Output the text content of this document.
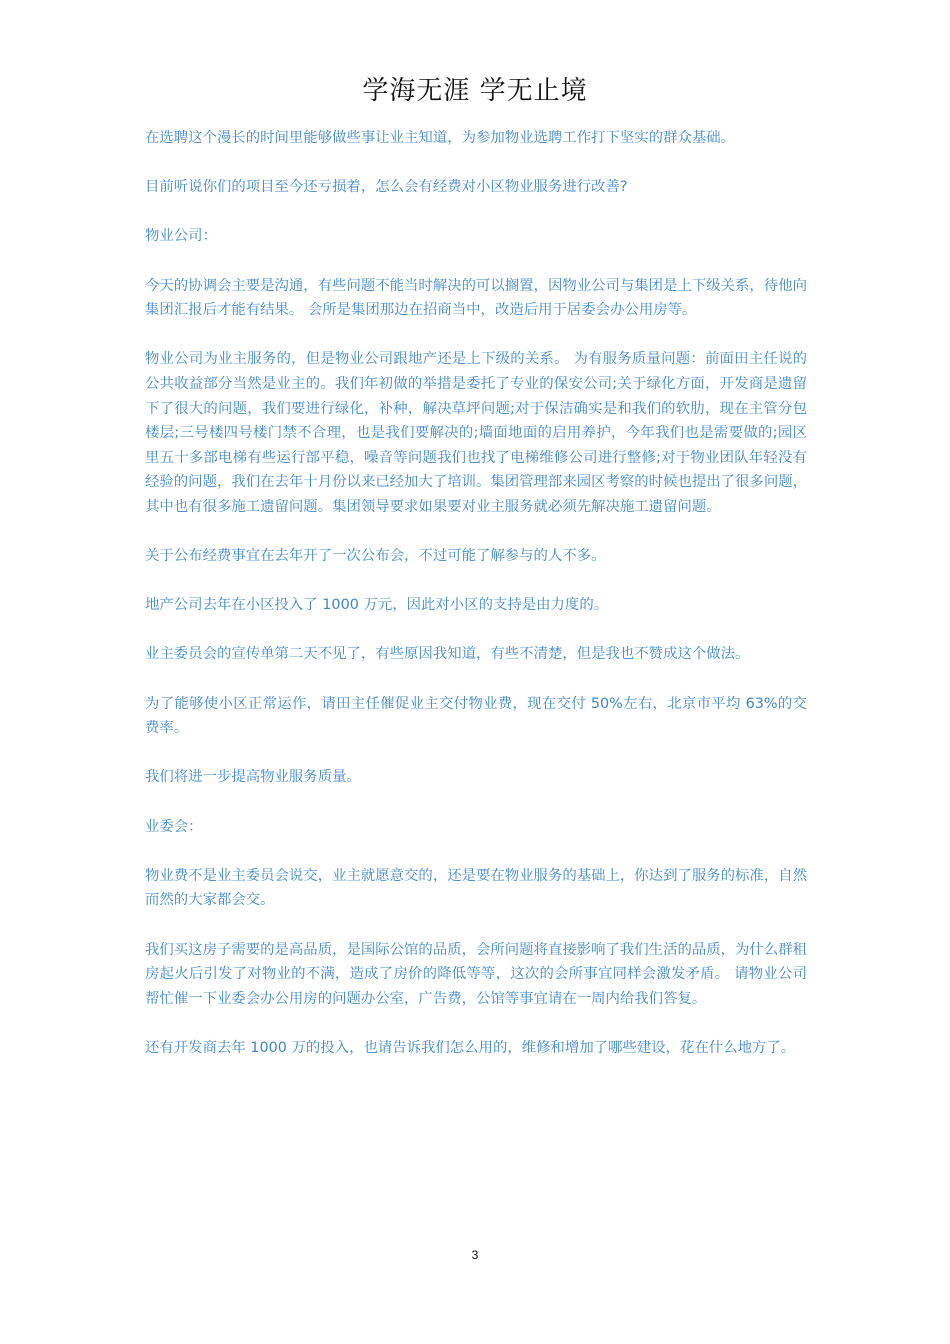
学海无涯 学无止境

在选聘这个漫长的时间里能够做些事让业主知道，为参加物业选聘工作打下坚实的群众基础。

目前听说你们的项目至今还亏损着，怎么会有经费对小区物业服务进行改善?

物业公司：

今天的协调会主要是沟通，有些问题不能当时解决的可以搁置，因物业公司与集团是上下级关系，待他向集团汇报后才能有结果。 会所是集团那边在招商当中，改造后用于居委会办公用房等。

物业公司为业主服务的，但是物业公司跟地产还是上下级的关系。 为有服务质量问题：前面田主任说的公共收益部分当然是业主的。我们年初做的举措是委托了专业的保安公司;关于绿化方面，开发商是遗留下了很大的问题，我们要进行绿化，补种，解决草坪问题;对于保洁确实是和我们的软肋，现在主管分包楼层;三号楼四号楼门禁不合理，也是我们要解决的;墙面地面的启用养护，今年我们也是需要做的;园区里五十多部电梯有些运行部平稳，噪音等问题我们也找了电梯维修公司进行整修;对于物业团队年轻没有经验的问题，我们在去年十月份以来已经加大了培训。集团管理部来园区考察的时候也提出了很多问题，其中也有很多施工遗留问题。集团领导要求如果要对业主服务就必须先解决施工遗留问题。

关于公布经费事宜在去年开了一次公布会，不过可能了解参与的人不多。

地产公司去年在小区投入了 1000 万元，因此对小区的支持是由力度的。

业主委员会的宣传单第二天不见了，有些原因我知道，有些不清楚，但是我也不赞成这个做法。

为了能够使小区正常运作，请田主任催促业主交付物业费，现在交付 50%左右，北京市平均 63%的交费率。

我们将进一步提高物业服务质量。

业委会：

物业费不是业主委员会说交，业主就愿意交的，还是要在物业服务的基础上，你达到了服务的标准，自然而然的大家都会交。

我们买这房子需要的是高品质，是国际公馆的品质，会所问题将直接影响了我们生活的品质，为什么群租房起火后引发了对物业的不满，造成了房价的降低等等，这次的会所事宜同样会激发矛盾。 请物业公司帮忙催一下业委会办公用房的问题办公室，广告费，公馆等事宜请在一周内给我们答复。

还有开发商去年 1000 万的投入，也请告诉我们怎么用的，维修和增加了哪些建设，花在什么地方了。

3
